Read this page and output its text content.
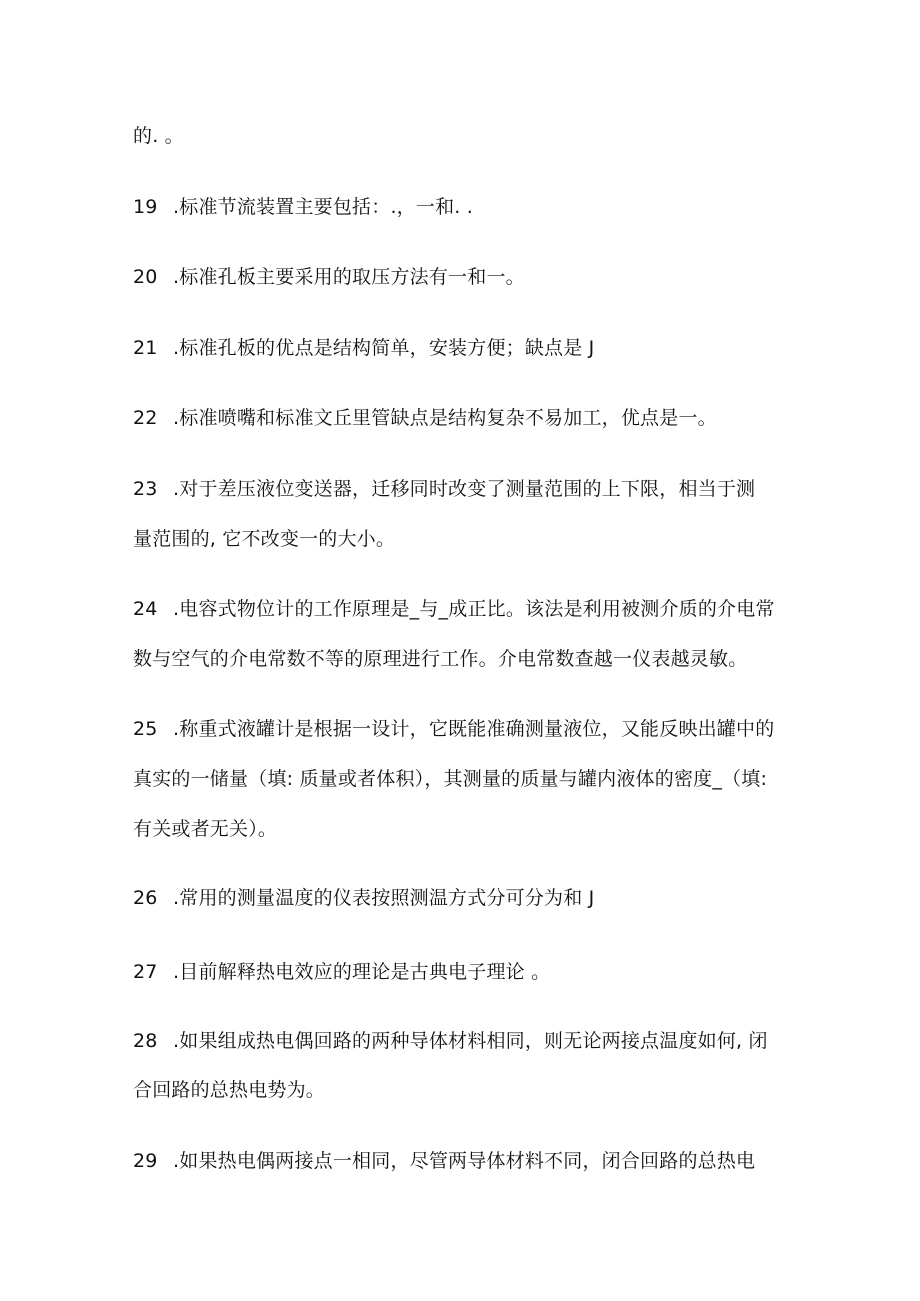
的. 。
19 .标准节流装置主要包括：.，一和. .
20 .标准孔板主要采用的取压方法有一和一。
21 .标准孔板的优点是结构简单，安装方便；缺点是 J
22 .标准喷嘴和标准文丘里管缺点是结构复杂不易加工，优点是一。
23 .对于差压液位变送器，迁移同时改变了测量范围的上下限，相当于测
量范围的, 它不改变一的大小。
24 .电容式物位计的工作原理是_与_成正比。该法是利用被测介质的介电常
数与空气的介电常数不等的原理进行工作。介电常数查越一仪表越灵敏。
25 .称重式液罐计是根据一设计，它既能准确测量液位，又能反映出罐中的
真实的一储量（填: 质量或者体积），其测量的质量与罐内液体的密度_（填:
有关或者无关）。
26 .常用的测量温度的仪表按照测温方式分可分为和 J
27 .目前解释热电效应的理论是古典电子理论 。
28 .如果组成热电偶回路的两种导体材料相同，则无论两接点温度如何, 闭
合回路的总热电势为。
29 .如果热电偶两接点一相同，尽管两导体材料不同，闭合回路的总热电
